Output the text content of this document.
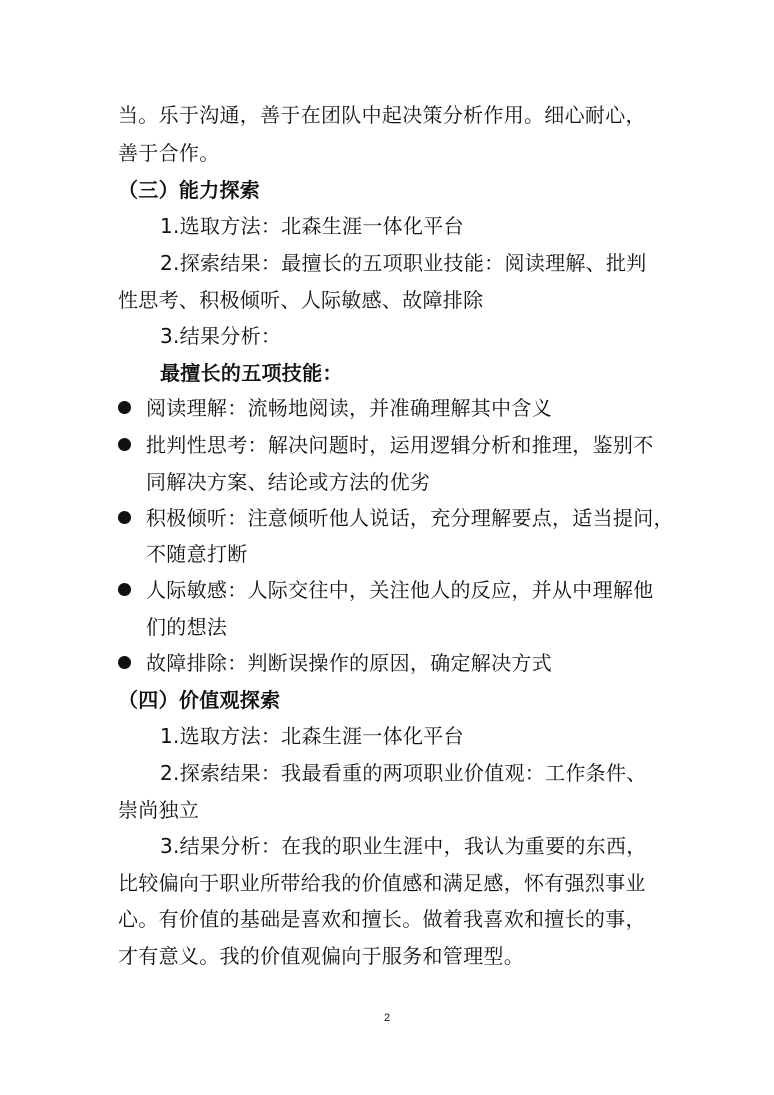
当。乐于沟通，善于在团队中起决策分析作用。细心耐心，
善于合作。
（三）能力探索
1.选取方法：北森生涯一体化平台
2.探索结果：最擅长的五项职业技能：阅读理解、批判
性思考、积极倾听、人际敏感、故障排除
3.结果分析：
最擅长的五项技能：
阅读理解：流畅地阅读，并准确理解其中含义
批判性思考：解决问题时，运用逻辑分析和推理，鉴别不
同解决方案、结论或方法的优劣
积极倾听：注意倾听他人说话，充分理解要点，适当提问，
不随意打断
人际敏感：人际交往中，关注他人的反应，并从中理解他
们的想法
故障排除：判断误操作的原因，确定解决方式
（四）价值观探索
1.选取方法：北森生涯一体化平台
2.探索结果：我最看重的两项职业价值观：工作条件、
崇尚独立
3.结果分析：在我的职业生涯中，我认为重要的东西，
比较偏向于职业所带给我的价值感和满足感，怀有强烈事业
心。有价值的基础是喜欢和擅长。做着我喜欢和擅长的事，
才有意义。我的价值观偏向于服务和管理型。
2
